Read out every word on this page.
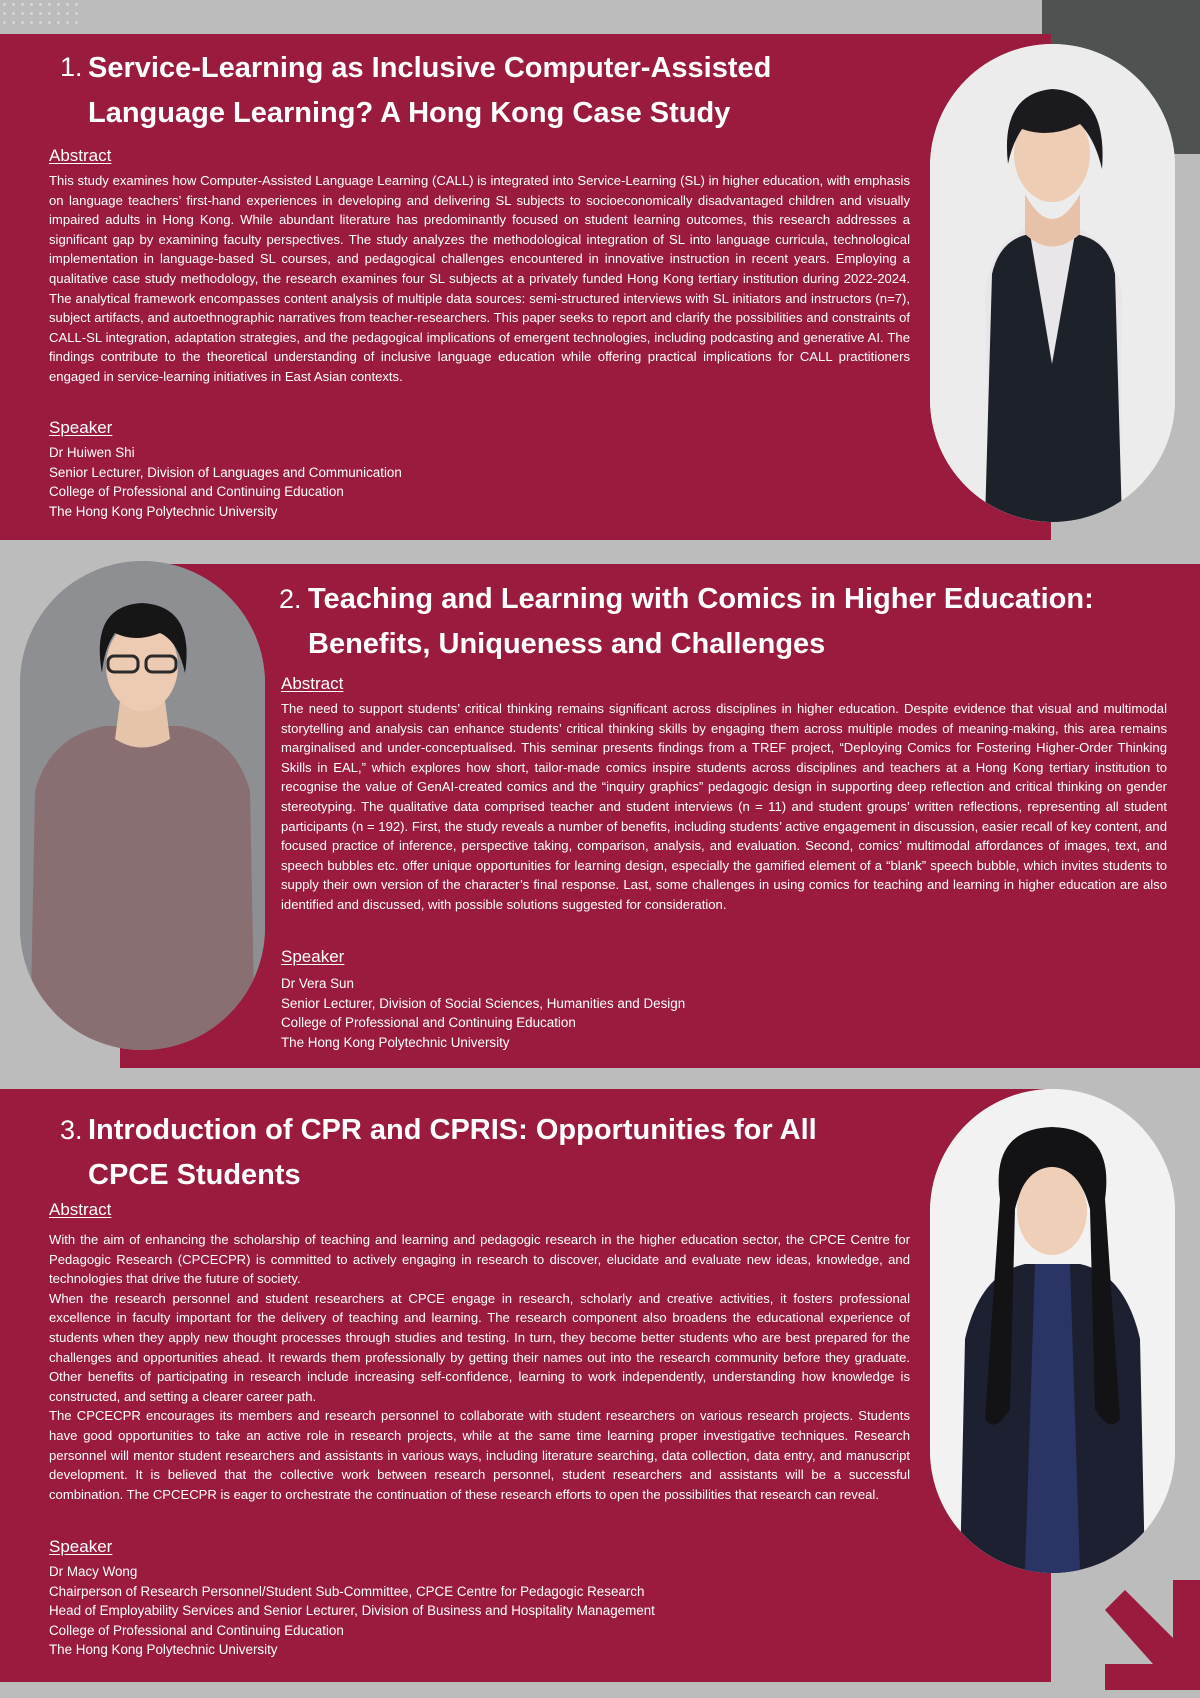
1. Service-Learning as Inclusive Computer-Assisted
Language Learning? A Hong Kong Case Study
Abstract

This study examines how Computer-Assisted Language Learning (CALL) is integrated into Service-Learning (SL) in higher education, with emphasis on language teachers’ first-hand experiences in developing and delivering SL subjects to socioeconomically disadvantaged children and visually impaired adults in Hong Kong. While abundant literature has predominantly focused on student learning outcomes, this research addresses a significant gap by examining faculty perspectives. The study analyzes the methodological integration of SL into language curricula, technological implementation in language-based SL courses, and pedagogical challenges encountered in innovative instruction in recent years. Employing a qualitative case study methodology, the research examines four SL subjects at a privately funded Hong Kong tertiary institution during 2022-2024. The analytical framework encompasses content analysis of multiple data sources: semi-structured interviews with SL initiators and instructors (n=7), subject artifacts, and autoethnographic narratives from teacher-researchers. This paper seeks to report and clarify the possibilities and constraints of CALL-SL integration, adaptation strategies, and the pedagogical implications of emergent technologies, including podcasting and generative AI. The findings contribute to the theoretical understanding of inclusive language education while offering practical implications for CALL practitioners engaged in service-learning initiatives in East Asian contexts.

Speaker
Dr Huiwen Shi
Senior Lecturer, Division of Languages and Communication
College of Professional and Continuing Education
The Hong Kong Polytechnic University
2. Teaching and Learning with Comics in Higher Education:
Benefits, Uniqueness and Challenges
Abstract

The need to support students’ critical thinking remains significant across disciplines in higher education. Despite evidence that visual and multimodal storytelling and analysis can enhance students’ critical thinking skills by engaging them across multiple modes of meaning-making, this area remains marginalised and under-conceptualised. This seminar presents findings from a TREF project, “Deploying Comics for Fostering Higher-Order Thinking Skills in EAL,” which explores how short, tailor-made comics inspire students across disciplines and teachers at a Hong Kong tertiary institution to recognise the value of GenAI-created comics and the “inquiry graphics” pedagogic design in supporting deep reflection and critical thinking on gender stereotyping. The qualitative data comprised teacher and student interviews (n = 11) and student groups’ written reflections, representing all student participants (n = 192). First, the study reveals a number of benefits, including students’ active engagement in discussion, easier recall of key content, and focused practice of inference, perspective taking, comparison, analysis, and evaluation. Second, comics’ multimodal affordances of images, text, and speech bubbles etc. offer unique opportunities for learning design, especially the gamified element of a “blank” speech bubble, which invites students to supply their own version of the character’s final response. Last, some challenges in using comics for teaching and learning in higher education are also identified and discussed, with possible solutions suggested for consideration.

Speaker
Dr Vera Sun
Senior Lecturer, Division of Social Sciences, Humanities and Design
College of Professional and Continuing Education
The Hong Kong Polytechnic University
3. Introduction of CPR and CPRIS: Opportunities for All
CPCE Students
Abstract

With the aim of enhancing the scholarship of teaching and learning and pedagogic research in the higher education sector, the CPCE Centre for Pedagogic Research (CPCECPR) is committed to actively engaging in research to discover, elucidate and evaluate new ideas, knowledge, and technologies that drive the future of society.

When the research personnel and student researchers at CPCE engage in research, scholarly and creative activities, it fosters professional excellence in faculty important for the delivery of teaching and learning. The research component also broadens the educational experience of students when they apply new thought processes through studies and testing. In turn, they become better students who are best prepared for the challenges and opportunities ahead. It rewards them professionally by getting their names out into the research community before they graduate. Other benefits of participating in research include increasing self-confidence, learning to work independently, understanding how knowledge is constructed, and setting a clearer career path.

The CPCECPR encourages its members and research personnel to collaborate with student researchers on various research projects. Students have good opportunities to take an active role in research projects, while at the same time learning proper investigative techniques. Research personnel will mentor student researchers and assistants in various ways, including literature searching, data collection, data entry, and manuscript development. It is believed that the collective work between research personnel, student researchers and assistants will be a successful combination. The CPCECPR is eager to orchestrate the continuation of these research efforts to open the possibilities that research can reveal.

Speaker
Dr Macy Wong
Chairperson of Research Personnel/Student Sub-Committee, CPCE Centre for Pedagogic Research
Head of Employability Services and Senior Lecturer, Division of Business and Hospitality Management
College of Professional and Continuing Education
The Hong Kong Polytechnic University
